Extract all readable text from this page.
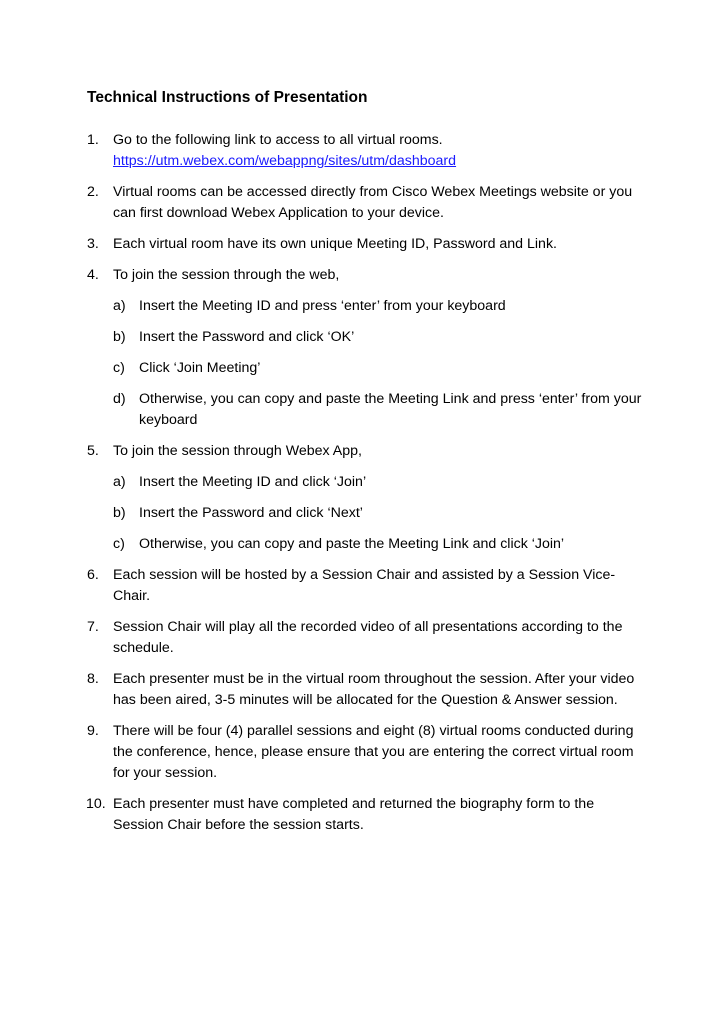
Technical Instructions of Presentation
1. Go to the following link to access to all virtual rooms.
https://utm.webex.com/webappng/sites/utm/dashboard
2. Virtual rooms can be accessed directly from Cisco Webex Meetings website or you can first download Webex Application to your device.
3. Each virtual room have its own unique Meeting ID, Password and Link.
4. To join the session through the web,
a) Insert the Meeting ID and press ‘enter’ from your keyboard
b) Insert the Password and click ‘OK’
c) Click ‘Join Meeting’
d) Otherwise, you can copy and paste the Meeting Link and press ‘enter’ from your keyboard
5. To join the session through Webex App,
a) Insert the Meeting ID and click ‘Join’
b) Insert the Password and click ‘Next’
c) Otherwise, you can copy and paste the Meeting Link and click ‘Join’
6. Each session will be hosted by a Session Chair and assisted by a Session Vice-Chair.
7. Session Chair will play all the recorded video of all presentations according to the schedule.
8. Each presenter must be in the virtual room throughout the session. After your video has been aired, 3-5 minutes will be allocated for the Question & Answer session.
9. There will be four (4) parallel sessions and eight (8) virtual rooms conducted during the conference, hence, please ensure that you are entering the correct virtual room for your session.
10. Each presenter must have completed and returned the biography form to the Session Chair before the session starts.
